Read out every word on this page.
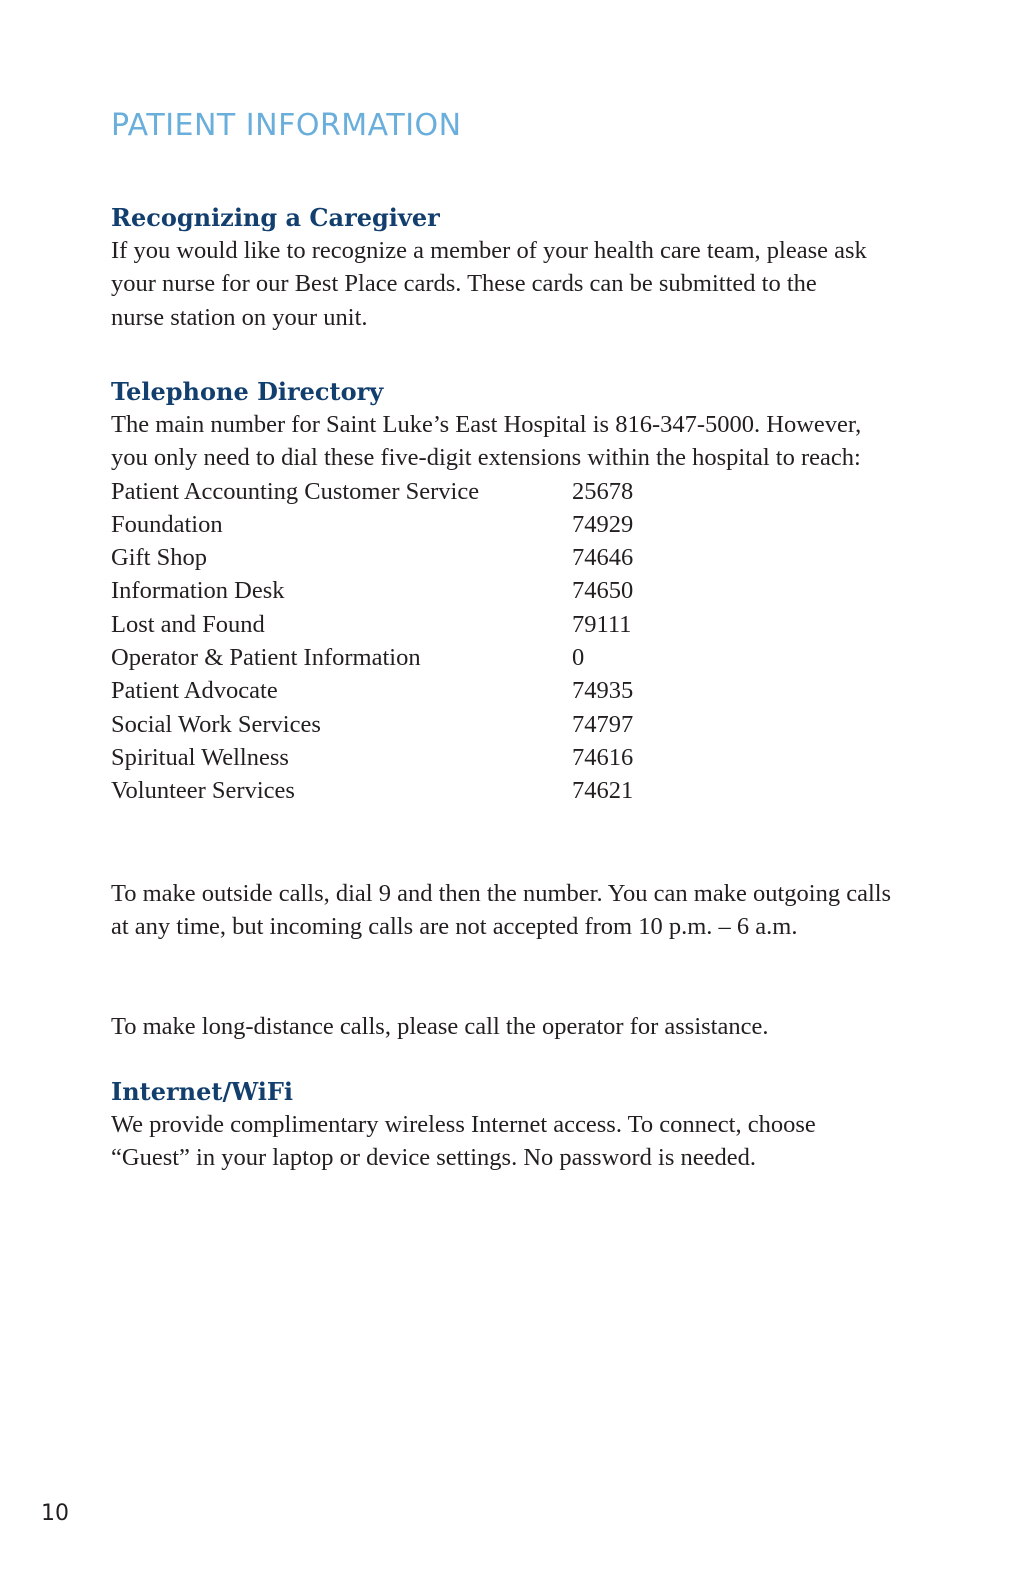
PATIENT INFORMATION
Recognizing a Caregiver

If you would like to recognize a member of your health care team, please ask your nurse for our Best Place cards. These cards can be submitted to the nurse station on your unit.

Telephone Directory

The main number for Saint Luke’s East Hospital is 816-347-5000. However, you only need to dial these five-digit extensions within the hospital to reach:

Patient Accounting Customer Service	25678
Foundation	74929
Gift Shop	74646
Information Desk	74650
Lost and Found	79111
Operator & Patient Information	0
Patient Advocate	74935
Social Work Services	74797
Spiritual Wellness	74616
Volunteer Services	74621

To make outside calls, dial 9 and then the number. You can make outgoing calls at any time, but incoming calls are not accepted from 10 p.m. – 6 a.m.

To make long-distance calls, please call the operator for assistance.

Internet/WiFi

We provide complimentary wireless Internet access. To connect, choose “Guest” in your laptop or device settings. No password is needed.

10
